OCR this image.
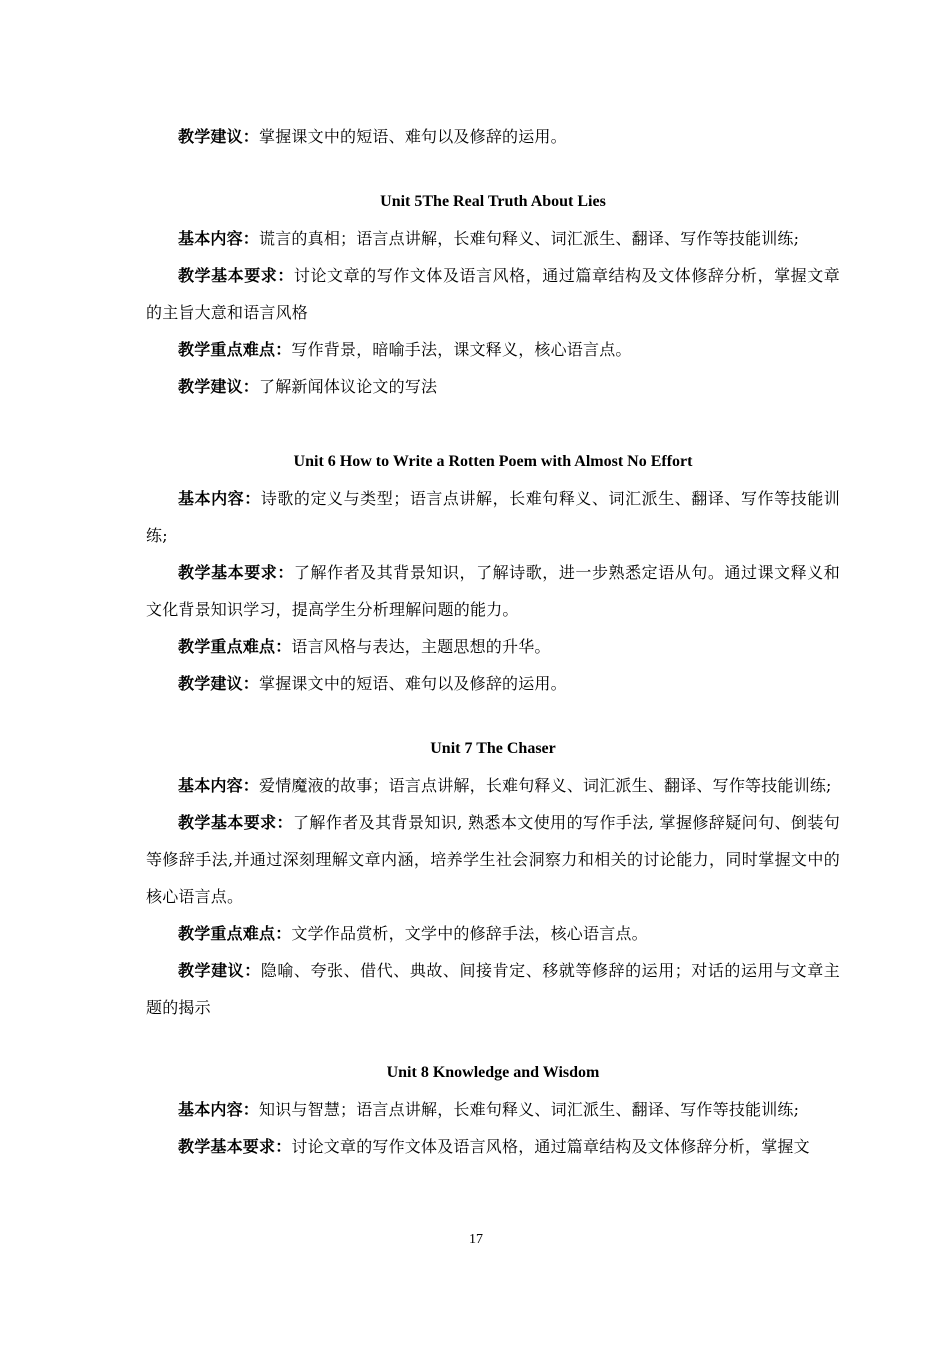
教学建议：掌握课文中的短语、难句以及修辞的运用。

Unit 5The Real Truth About Lies

基本内容：谎言的真相；语言点讲解，长难句释义、词汇派生、翻译、写作等技能训练;

教学基本要求：讨论文章的写作文体及语言风格，通过篇章结构及文体修辞分析，掌握文章的主旨大意和语言风格

教学重点难点：写作背景，暗喻手法，课文释义，核心语言点。

教学建议：了解新闻体议论文的写法

Unit 6 How to Write a Rotten Poem with Almost No Effort

基本内容：诗歌的定义与类型；语言点讲解，长难句释义、词汇派生、翻译、写作等技能训练;

教学基本要求：了解作者及其背景知识，了解诗歌，进一步熟悉定语从句。通过课文释义和文化背景知识学习，提高学生分析理解问题的能力。

教学重点难点：语言风格与表达，主题思想的升华。

教学建议：掌握课文中的短语、难句以及修辞的运用。

Unit 7 The Chaser

基本内容：爱情魔液的故事；语言点讲解，长难句释义、词汇派生、翻译、写作等技能训练;

教学基本要求：了解作者及其背景知识, 熟悉本文使用的写作手法, 掌握修辞疑问句、倒装句等修辞手法,并通过深刻理解文章内涵，培养学生社会洞察力和相关的讨论能力，同时掌握文中的核心语言点。

教学重点难点：文学作品赏析，文学中的修辞手法，核心语言点。

教学建议：隐喻、夸张、借代、典故、间接肯定、移就等修辞的运用；对话的运用与文章主题的揭示

Unit 8 Knowledge and Wisdom

基本内容：知识与智慧；语言点讲解，长难句释义、词汇派生、翻译、写作等技能训练;

教学基本要求：讨论文章的写作文体及语言风格，通过篇章结构及文体修辞分析，掌握文

17
